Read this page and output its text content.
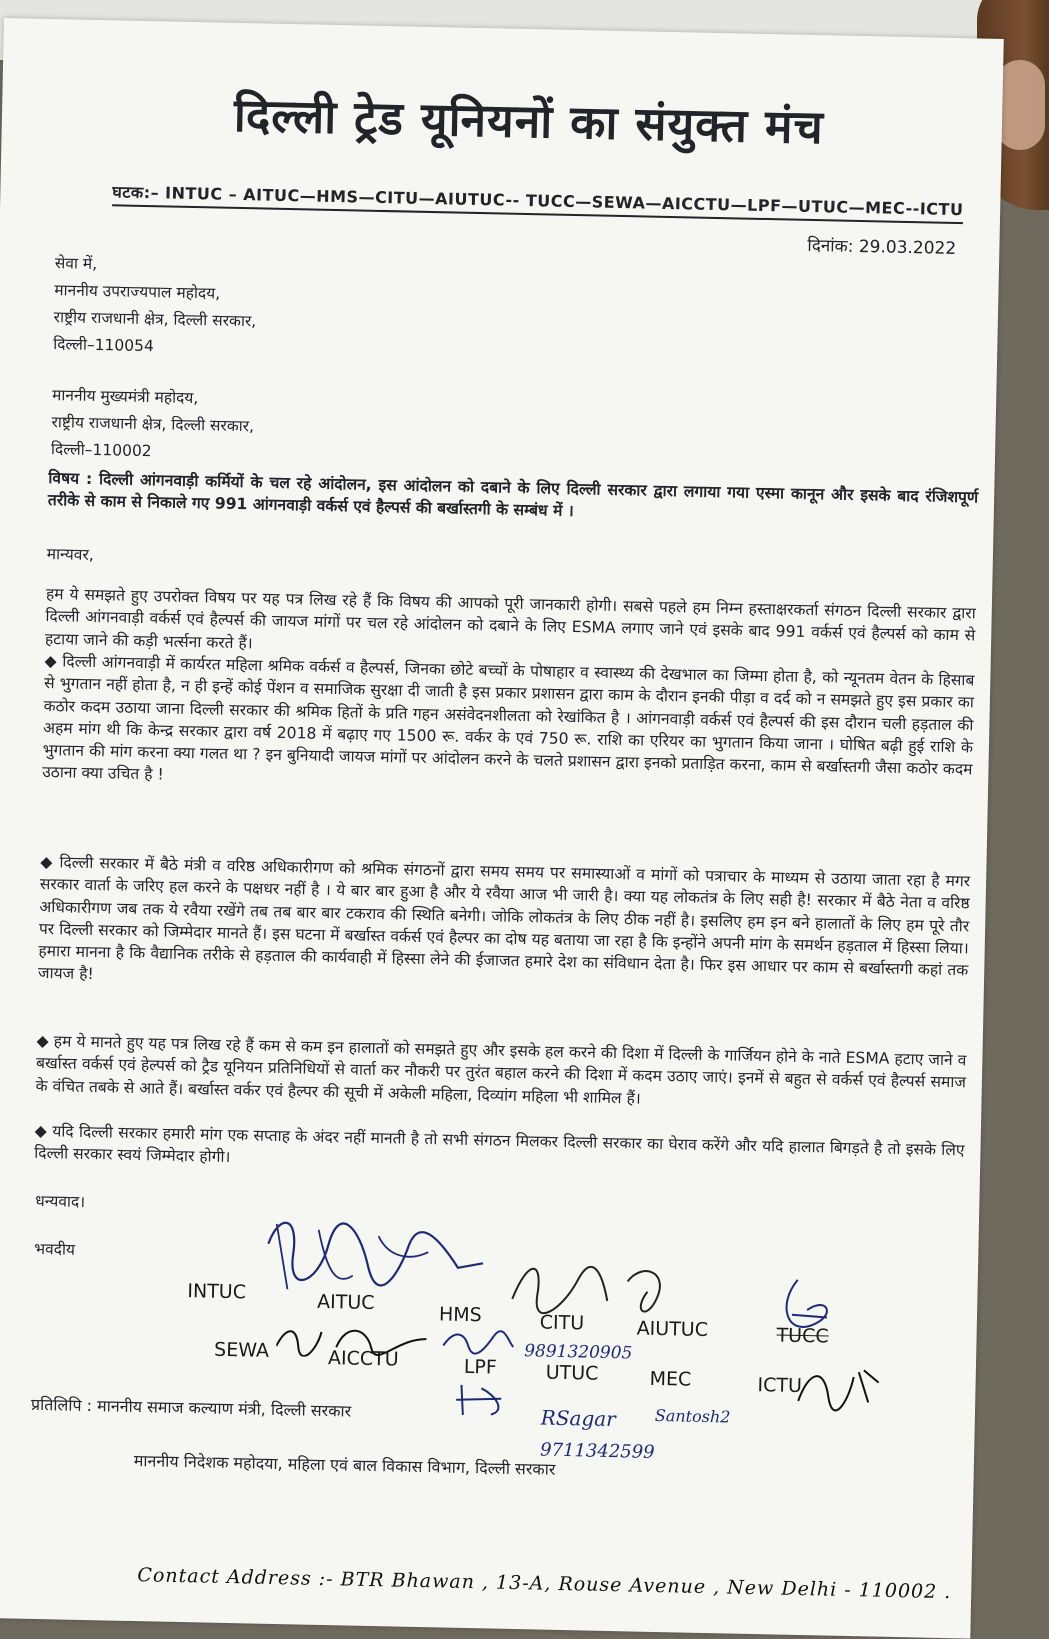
दिल्ली ट्रेड यूनियनों का संयुक्त मंच
घटक:– INTUC – AITUC—HMS—CITU—AIUTUC-- TUCC—SEWA—AICCTU—LPF—UTUC—MEC--ICTU
दिनांक: 29.03.2022
सेवा में,
माननीय उपराज्यपाल महोदय,
राष्ट्रीय राजधानी क्षेत्र, दिल्ली सरकार,
दिल्ली–110054
माननीय मुख्यमंत्री महोदय,
राष्ट्रीय राजधानी क्षेत्र, दिल्ली सरकार,
दिल्ली–110002
विषय : दिल्ली आंगनवाड़ी कर्मियों के चल रहे आंदोलन, इस आंदोलन को दबाने के लिए दिल्ली सरकार द्वारा लगाया गया एस्मा कानून और इसके बाद रंजिशपूर्ण तरीके से काम से निकाले गए 991 आंगनवाड़ी वर्कर्स एवं हैल्पर्स की बर्खास्तगी के सम्बंध में ।
मान्यवर,
हम ये समझते हुए उपरोक्त विषय पर यह पत्र लिख रहे हैं कि विषय की आपको पूरी जानकारी होगी। सबसे पहले हम निम्न हस्ताक्षरकर्ता संगठन दिल्ली सरकार द्वारा दिल्ली आंगनवाड़ी वर्कर्स एवं हैल्पर्स की जायज मांगों पर चल रहे आंदोलन को दबाने के लिए ESMA लगाए जाने एवं इसके बाद 991 वर्कर्स एवं हैल्पर्स को काम से हटाया जाने की कड़ी भर्त्सना करते हैं।
◆ दिल्ली आंगनवाड़ी में कार्यरत महिला श्रमिक वर्कर्स व हैल्पर्स, जिनका छोटे बच्चों के पोषाहार व स्वास्थ्य की देखभाल का जिम्मा होता है, को न्यूनतम वेतन के हिसाब से भुगतान नहीं होता है, न ही इन्हें कोई पेंशन व समाजिक सुरक्षा दी जाती है इस प्रकार प्रशासन द्वारा काम के दौरान इनकी पीड़ा व दर्द को न समझते हुए इस प्रकार का कठोर कदम उठाया जाना दिल्ली सरकार की श्रमिक हितों के प्रति गहन असंवेदनशीलता को रेखांकित है । आंगनवाड़ी वर्कर्स एवं हैल्पर्स की इस दौरान चली हड़ताल की अहम मांग थी कि केन्द्र सरकार द्वारा वर्ष 2018 में बढ़ाए गए 1500 रू. वर्कर के एवं 750 रू. राशि का एरियर का भुगतान किया जाना । घोषित बढ़ी हुई राशि के भुगतान की मांग करना क्या गलत था ? इन बुनियादी जायज मांगों पर आंदोलन करने के चलते प्रशासन द्वारा इनको प्रताड़ित करना, काम से बर्खास्तगी जैसा कठोर कदम उठाना क्या उचित है !
◆ दिल्ली सरकार में बैठे मंत्री व वरिष्ठ अधिकारीगण को श्रमिक संगठनों द्वारा समय समय पर समास्याओं व मांगों को पत्राचार के माध्यम से उठाया जाता रहा है मगर सरकार वार्ता के जरिए हल करने के पक्षधर नहीं है । ये बार बार हुआ है और ये रवैया आज भी जारी है। क्या यह लोकतंत्र के लिए सही है! सरकार में बैठे नेता व वरिष्ठ अधिकारीगण जब तक ये रवैया रखेंगे तब तब बार बार टकराव की स्थिति बनेगी। जोकि लोकतंत्र के लिए ठीक नहीं है। इसलिए हम इन बने हालातों के लिए हम पूरे तौर पर दिल्ली सरकार को जिम्मेदार मानते हैं। इस घटना में बर्खास्त वर्कर्स एवं हैल्पर का दोष यह बताया जा रहा है कि इन्होंने अपनी मांग के समर्थन हड़ताल में हिस्सा लिया। हमारा मानना है कि वैद्यानिक तरीके से हड़ताल की कार्यवाही में हिस्सा लेने की ईजाजत हमारे देश का संविधान देता है। फिर इस आधार पर काम से बर्खास्तगी कहां तक जायज है!
◆ हम ये मानते हुए यह पत्र लिख रहे हैं कम से कम इन हालातों को समझते हुए और इसके हल करने की दिशा में दिल्ली के गार्जियन होने के नाते ESMA हटाए जाने व बर्खास्त वर्कर्स एवं हेल्पर्स को ट्रैड यूनियन प्रतिनिधियों से वार्ता कर नौकरी पर तुरंत बहाल करने की दिशा में कदम उठाए जाएं। इनमें से बहुत से वर्कर्स एवं हैल्पर्स समाज के वंचित तबके से आते हैं। बर्खास्त वर्कर एवं हैल्पर की सूची में अकेली महिला, दिव्यांग महिला भी शामिल हैं।
◆ यदि दिल्ली सरकार हमारी मांग एक सप्ताह के अंदर नहीं मानती है तो सभी संगठन मिलकर दिल्ली सरकार का घेराव करेंगे और यदि हालात बिगड़ते है तो इसके लिए दिल्ली सरकार स्वयं जिम्मेदार होगी।
धन्यवाद।
भवदीय
INTUC	AITUC
HMS	CITU	AIUTUC	TUCC
SEWA	AICCTU	LPF	UTUC	MEC	ICTU
9891320905
RSagar Santosh2
9711342599
प्रतिलिपि : माननीय समाज कल्याण मंत्री, दिल्ली सरकार
माननीय निदेशक महोदया, महिला एवं बाल विकास विभाग, दिल्ली सरकार
Contact Address :- BTR Bhawan , 13-A, Rouse Avenue , New Delhi - 110002 .
